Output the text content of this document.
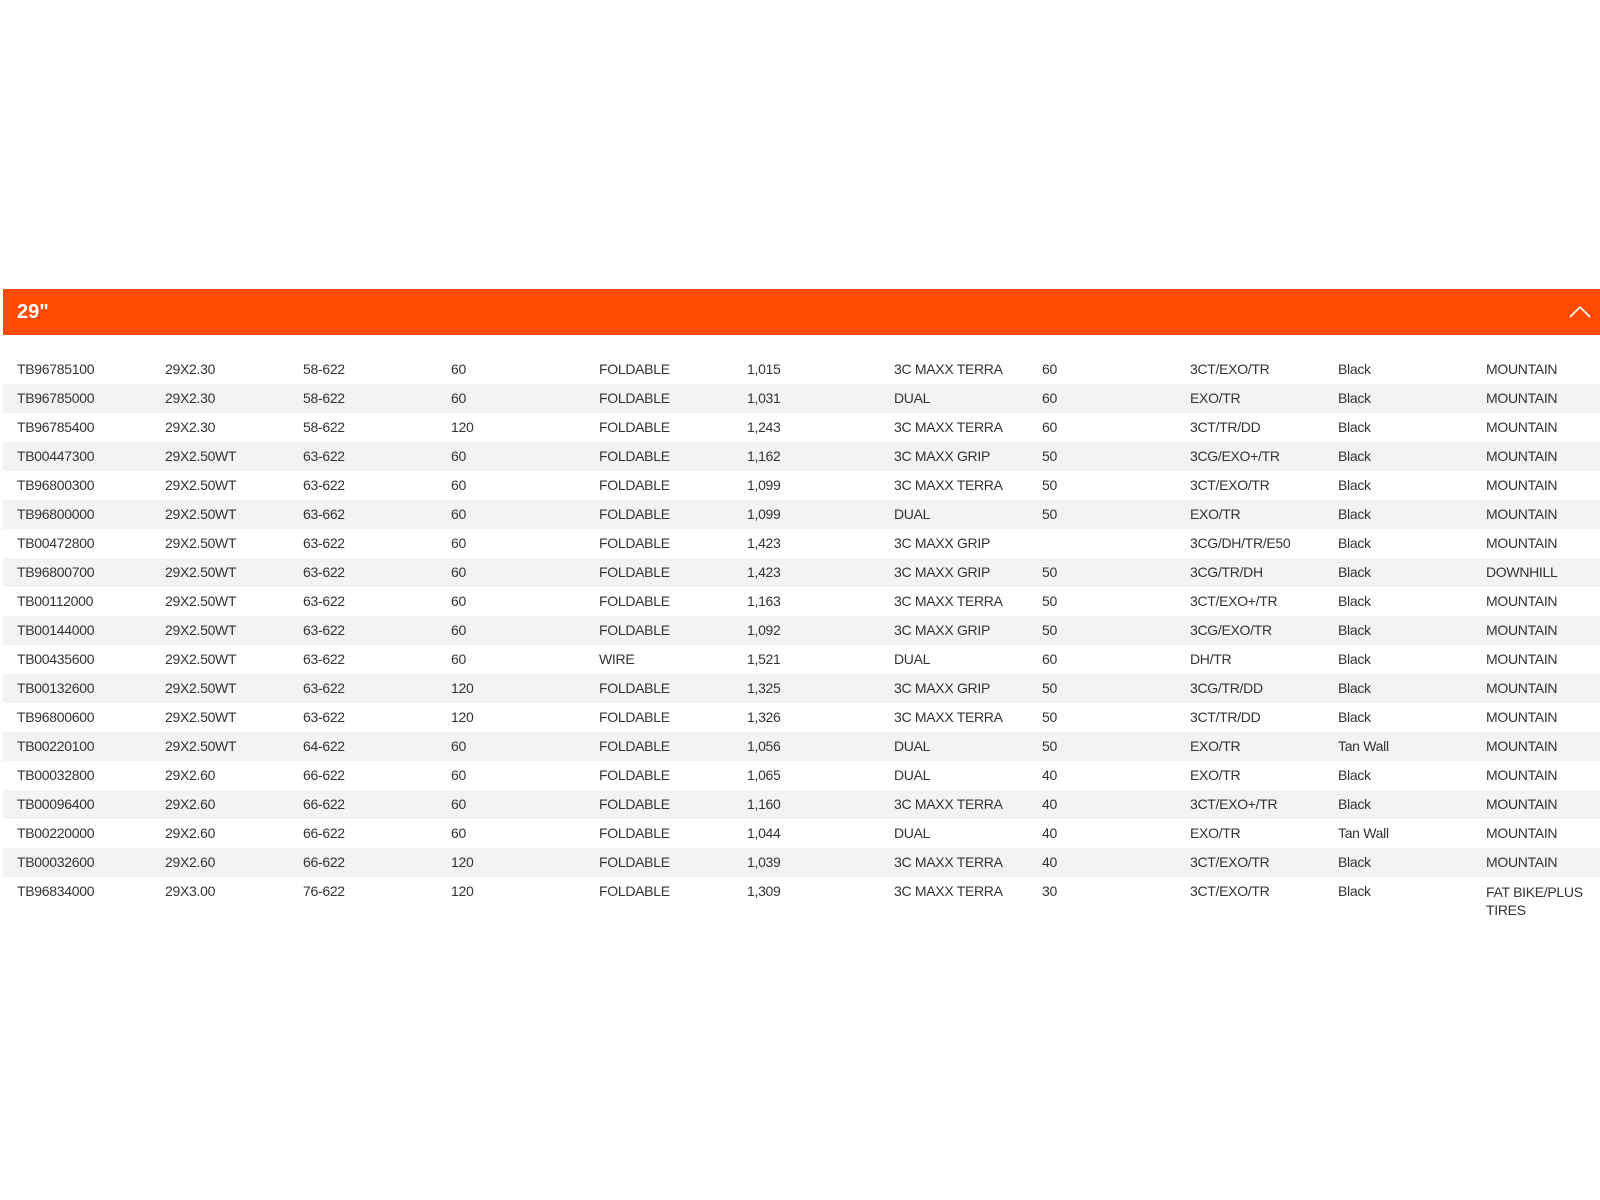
29"
TB96785100	29X2.30	58-622	60	FOLDABLE	1,015	3C MAXX TERRA	60	3CT/EXO/TR	Black	MOUNTAIN
TB96785000	29X2.30	58-622	60	FOLDABLE	1,031	DUAL	60	EXO/TR	Black	MOUNTAIN
TB96785400	29X2.30	58-622	120	FOLDABLE	1,243	3C MAXX TERRA	60	3CT/TR/DD	Black	MOUNTAIN
TB00447300	29X2.50WT	63-622	60	FOLDABLE	1,162	3C MAXX GRIP	50	3CG/EXO+/TR	Black	MOUNTAIN
TB96800300	29X2.50WT	63-622	60	FOLDABLE	1,099	3C MAXX TERRA	50	3CT/EXO/TR	Black	MOUNTAIN
TB96800000	29X2.50WT	63-662	60	FOLDABLE	1,099	DUAL	50	EXO/TR	Black	MOUNTAIN
TB00472800	29X2.50WT	63-622	60	FOLDABLE	1,423	3C MAXX GRIP		3CG/DH/TR/E50	Black	MOUNTAIN
TB96800700	29X2.50WT	63-622	60	FOLDABLE	1,423	3C MAXX GRIP	50	3CG/TR/DH	Black	DOWNHILL
TB00112000	29X2.50WT	63-622	60	FOLDABLE	1,163	3C MAXX TERRA	50	3CT/EXO+/TR	Black	MOUNTAIN
TB00144000	29X2.50WT	63-622	60	FOLDABLE	1,092	3C MAXX GRIP	50	3CG/EXO/TR	Black	MOUNTAIN
TB00435600	29X2.50WT	63-622	60	WIRE	1,521	DUAL	60	DH/TR	Black	MOUNTAIN
TB00132600	29X2.50WT	63-622	120	FOLDABLE	1,325	3C MAXX GRIP	50	3CG/TR/DD	Black	MOUNTAIN
TB96800600	29X2.50WT	63-622	120	FOLDABLE	1,326	3C MAXX TERRA	50	3CT/TR/DD	Black	MOUNTAIN
TB00220100	29X2.50WT	64-622	60	FOLDABLE	1,056	DUAL	50	EXO/TR	Tan Wall	MOUNTAIN
TB00032800	29X2.60	66-622	60	FOLDABLE	1,065	DUAL	40	EXO/TR	Black	MOUNTAIN
TB00096400	29X2.60	66-622	60	FOLDABLE	1,160	3C MAXX TERRA	40	3CT/EXO+/TR	Black	MOUNTAIN
TB00220000	29X2.60	66-622	60	FOLDABLE	1,044	DUAL	40	EXO/TR	Tan Wall	MOUNTAIN
TB00032600	29X2.60	66-622	120	FOLDABLE	1,039	3C MAXX TERRA	40	3CT/EXO/TR	Black	MOUNTAIN
TB96834000	29X3.00	76-622	120	FOLDABLE	1,309	3C MAXX TERRA	30	3CT/EXO/TR	Black	FAT BIKE/PLUS TIRES
